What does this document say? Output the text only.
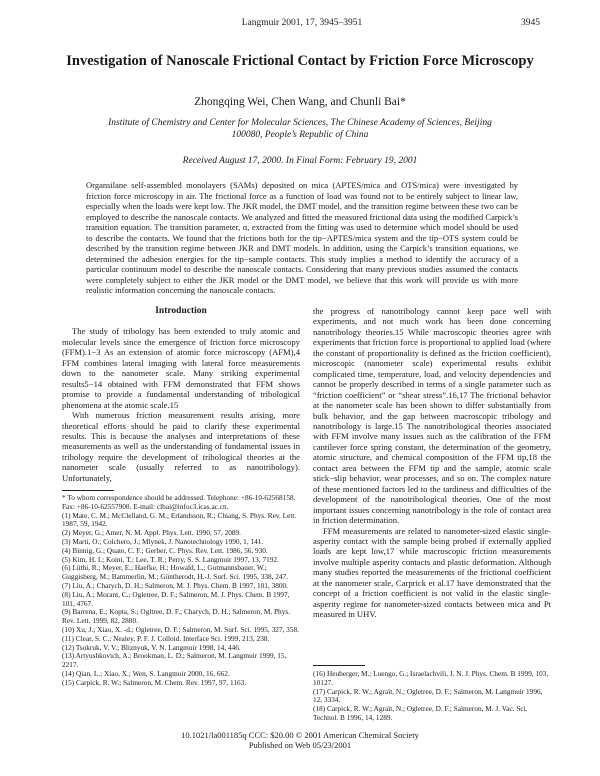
Langmuir 2001, 17, 3945–3951	3945
Investigation of Nanoscale Frictional Contact by Friction Force Microscopy
Zhongqing Wei, Chen Wang, and Chunli Bai*
Institute of Chemistry and Center for Molecular Sciences, The Chinese Academy of Sciences, Beijing 100080, People’s Republic of China
Received August 17, 2000. In Final Form: February 19, 2001
Organsilane self-assembled monolayers (SAMs) deposited on mica (APTES/mica and OTS/mica) were investigated by friction force microscopy in air. The frictional force as a function of load was found not to be entirely subject to linear law, especially when the loads were kept low. The JKR model, the DMT model, and the transition regime between these two can be employed to describe the nanoscale contacts. We analyzed and fitted the measured frictional data using the modified Carpick’s transition equation. The transition parameter, α, extracted from the fitting was used to determine which model should be used to describe the contacts. We found that the frictions both for the tip−APTES/mica system and the tip−OTS system could be described by the transition regime between JKR and DMT models. In addition, using the Carpick’s transition equations, we determined the adhesion energies for the tip−sample contacts. This study implies a method to identify the accuracy of a particular continuum model to describe the nanoscale contacts. Considering that many previous studies assumed the contacts were completely subject to either the JKR model or the DMT model, we believe that this work will provide us with more realistic information concerning the nanoscale contacts.
Introduction

The study of tribology has been extended to truly atomic and molecular levels since the emergence of friction force microscopy (FFM).1−3 As an extension of atomic force microscopy (AFM),4 FFM combines lateral imaging with lateral force measurements down to the nanometer scale. Many striking experimental results5−14 obtained with FFM demonstrated that FFM shows promise to provide a fundamental understanding of tribological phenomena at the atomic scale.15

With numerous friction measurement results arising, more theoretical efforts should be paid to clarify these experimental results. This is because the analyses and interpretations of these measurements as well as the understanding of fundamental issues in tribology require the development of tribological theories at the nanometer scale (usually referred to as nanotribology). Unfortunately,

the progress of nanotribology cannot keep pace well with experiments, and not much work has been done concerning nanotribology theories.15 While macroscopic theories agree with experiments that friction force is proportional to applied load (where the constant of proportionality is defined as the friction coefficient), microscopic (nanometer scale) experimental results exhibit complicated time, temperature, load, and velocity dependencies and cannot be properly described in terms of a single parameter such as “friction coefficient” or “shear stress”.16,17 The frictional behavior at the nanometer scale has been shown to differ substantially from bulk behavior, and the gap between macroscopic tribology and nanotribology is large.15 The nanotribological theories associated with FFM involve many issues such as the calibration of the FFM cantilever force spring constant, the determination of the geometry, atomic structure, and chemical composition of the FFM tip,18 the contact area between the FFM tip and the sample, atomic scale stick−slip behavior, wear processes, and so on. The complex nature of these mentioned factors led to the tardiness and difficulties of the development of the nanotribological theories. One of the most important issues concerning nanotribology is the role of contact area in friction determination.

FFM measurements are related to nanometer-sized elastic single-asperity contact with the sample being probed if externally applied loads are kept low,17 while macroscopic friction measurements involve multiple asperity contacts and plastic deformation. Although many studies reported the measurements of the frictional coefficient at the nanometer scale, Carprick et al.17 have demonstrated that the concept of a friction coefficient is not valid in the elastic single-asperity regime for nanometer-sized contacts between mica and Pt measured in UHV.

* To whom correspondence should be addressed. Telephone: +86-10-62568158. Fax: +86-10-62557908. E-mail: clbai@infoc3.icas.ac.cn.
(1) Mate, C. M.; McClelland, G. M.; Erlandsson, R.; Chiang, S. Phys. Rev. Lett. 1987, 59, 1942.
(2) Meyer, G.; Amer, N. M. Appl. Phys. Lett. 1990, 57, 2089.
(3) Marti, O.; Colchero, J.; Mlynek, J. Nanotechnology 1990, 1, 141.
(4) Binnig, G.; Quate, C. F.; Gerber, C. Phys. Rev. Lett. 1986, 56, 930.
(5) Kim, H. I.; Koini, T.; Lee, T. R.; Perry, S. S. Langmuir 1997, 13, 7192.
(6) Lüthi, R.; Meyer, E.; Haefke, H.; Howald, L.; Gutmannsbauer, W.; Guggisberg, M.; Bammerlin, M.; Güntherodt, H.-J. Surf. Sci. 1995, 338, 247.
(7) Liu, A.; Charych, D. H.; Salmeron, M. J. Phys. Chem. B 1997, 101, 3800.
(8) Liu, A.; Morant, C.; Ogletree, D. F.; Salmeron, M. J. Phys. Chem. B 1997, 101, 4767.
(9) Barrena, E.; Kopta, S.; Ogltree, D. F.; Charych, D. H.; Salmeron, M. Phys. Rev. Lett. 1999, 82, 2880.
(10) Xu, J.; Xiao, X. -d.; Ogletree, D. F.; Salmeron, M. Surf. Sci. 1995, 327, 358.
(11) Clear, S. C.; Nealey, P. F. J. Colloid. Interface Sci. 1999, 213, 238.
(12) Tsukruk, V. V.; Bliznyuk, V. N. Langmuir 1998, 14, 446.
(13) Artyushkovich, A.; Brookman, L. D.; Salmeron, M. Langmuir 1999, 15, 2217.
(14) Qian, L.; Xiao, X.; Wen, S. Langmuir 2000, 16, 662.
(15) Carpick, R. W.; Salmeron, M. Chem. Rev. 1997, 97, 1163.
(16) Heuberger, M.; Luengo, G.; Israelachvili, J. N. J. Phys. Chem. B 1999, 103, 10127.
(17) Carpick, R. W.; Agraït, N.; Ogletree, D. F.; Salmeron, M. Langmuir 1996, 12, 3334.
(18) Carpick, R. W.; Agraït, N.; Ogletree, D. F.; Salmeron, M. J. Vac. Sci. Technol. B 1996, 14, 1289.
10.1021/la001185q CCC: $20.00 © 2001 American Chemical Society
Published on Web 05/23/2001
